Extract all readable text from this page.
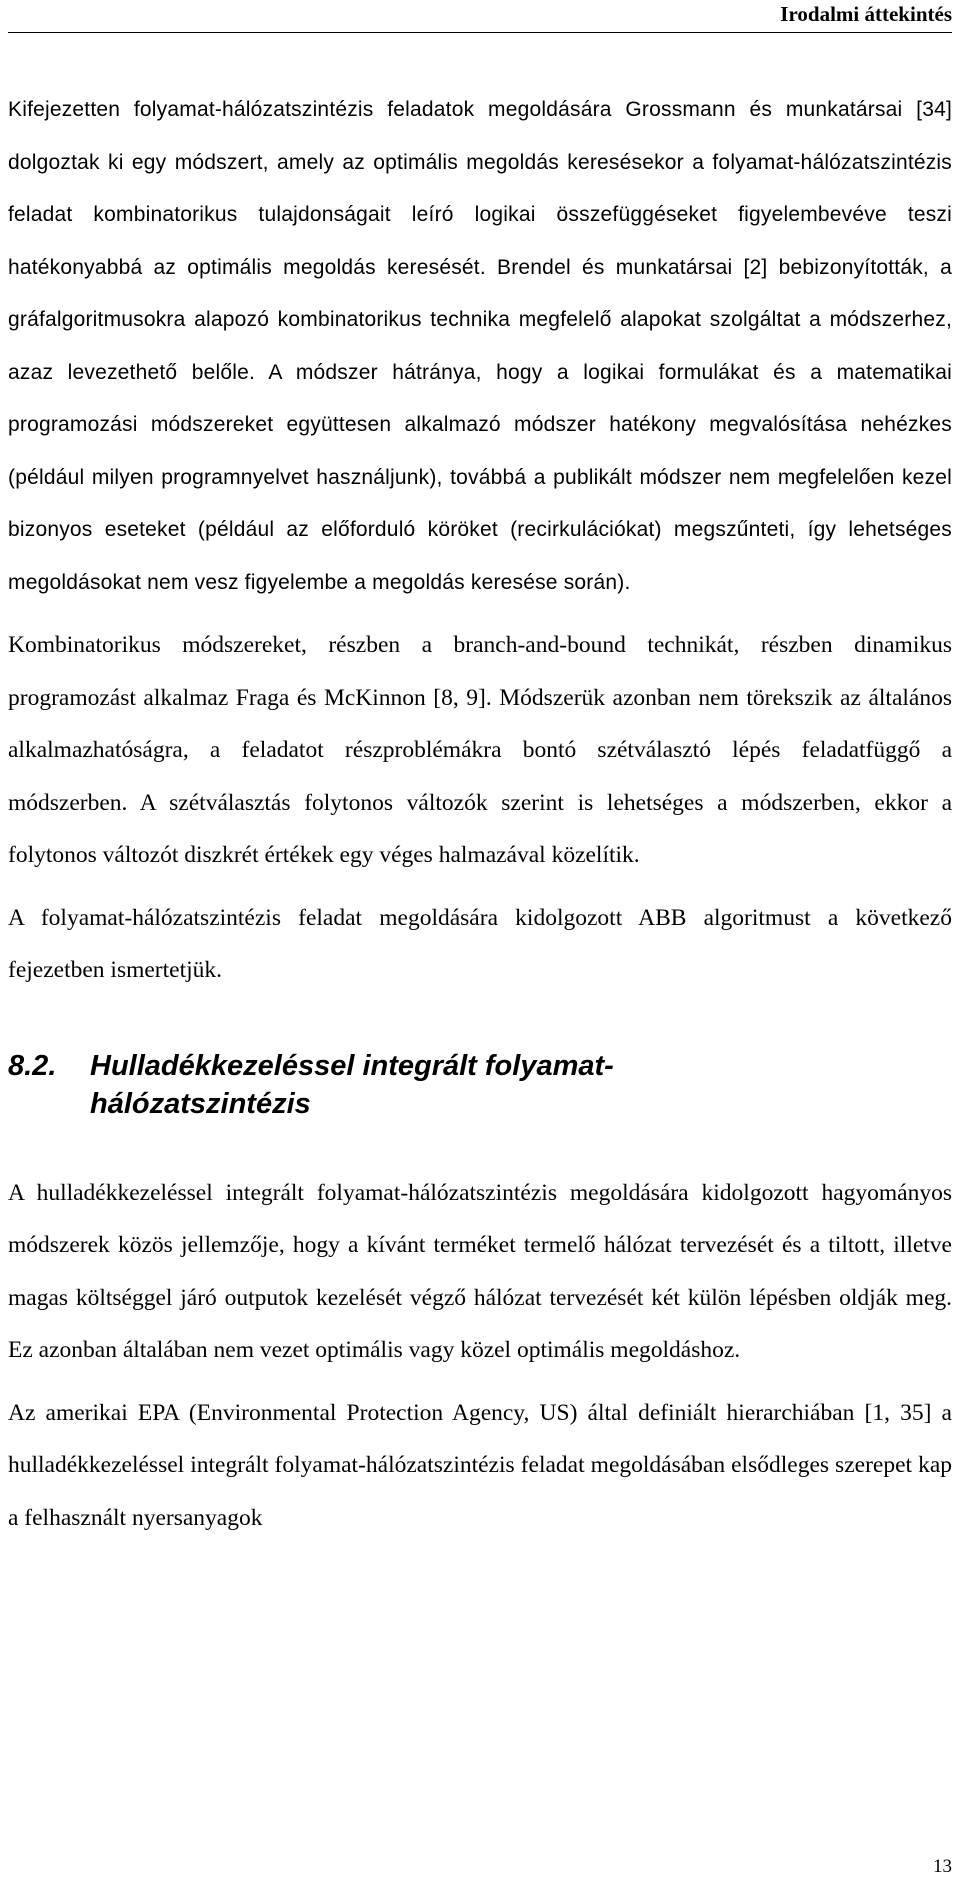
Irodalmi áttekintés

Kifejezetten folyamat-hálózatszintézis feladatok megoldására Grossmann és munkatársai [34] dolgoztak ki egy módszert, amely az optimális megoldás keresésekor a folyamat-hálózatszintézis feladat kombinatorikus tulajdonságait leíró logikai összefüggéseket figyelembevéve teszi hatékonyabbá az optimális megoldás keresését. Brendel és munkatársai [2] bebizonyították, a gráfalgoritmusokra alapozó kombinatorikus technika megfelelő alapokat szolgáltat a módszerhez, azaz levezethető belőle. A módszer hátránya, hogy a logikai formulákat és a matematikai programozási módszereket együttesen alkalmazó módszer hatékony megvalósítása nehézkes (például milyen programnyelvet használjunk), továbbá a publikált módszer nem megfelelően kezel bizonyos eseteket (például az előforduló köröket (recirkulációkat) megszűnteti, így lehetséges megoldásokat nem vesz figyelembe a megoldás keresése során).

Kombinatorikus módszereket, részben a branch-and-bound technikát, részben dinamikus programozást alkalmaz Fraga és McKinnon [8, 9]. Módszerük azonban nem törekszik az általános alkalmazhatóságra, a feladatot részproblémákra bontó szétválasztó lépés feladatfüggő a módszerben. A szétválasztás folytonos változók szerint is lehetséges a módszerben, ekkor a folytonos változót diszkrét értékek egy véges halmazával közelítik.

A folyamat-hálózatszintézis feladat megoldására kidolgozott ABB algoritmust a következő fejezetben ismertetjük.

8.2.	Hulladékkezeléssel integrált folyamat-hálózatszintézis

A hulladékkezeléssel integrált folyamat-hálózatszintézis megoldására kidolgozott hagyományos módszerek közös jellemzője, hogy a kívánt terméket termelő hálózat tervezését és a tiltott, illetve magas költséggel járó outputok kezelését végző hálózat tervezését két külön lépésben oldják meg. Ez azonban általában nem vezet optimális vagy közel optimális megoldáshoz.

Az amerikai EPA (Environmental Protection Agency, US) által definiált hierarchiában [1, 35] a hulladékkezeléssel integrált folyamat-hálózatszintézis feladat megoldásában elsődleges szerepet kap a felhasznált nyersanyagok

13
